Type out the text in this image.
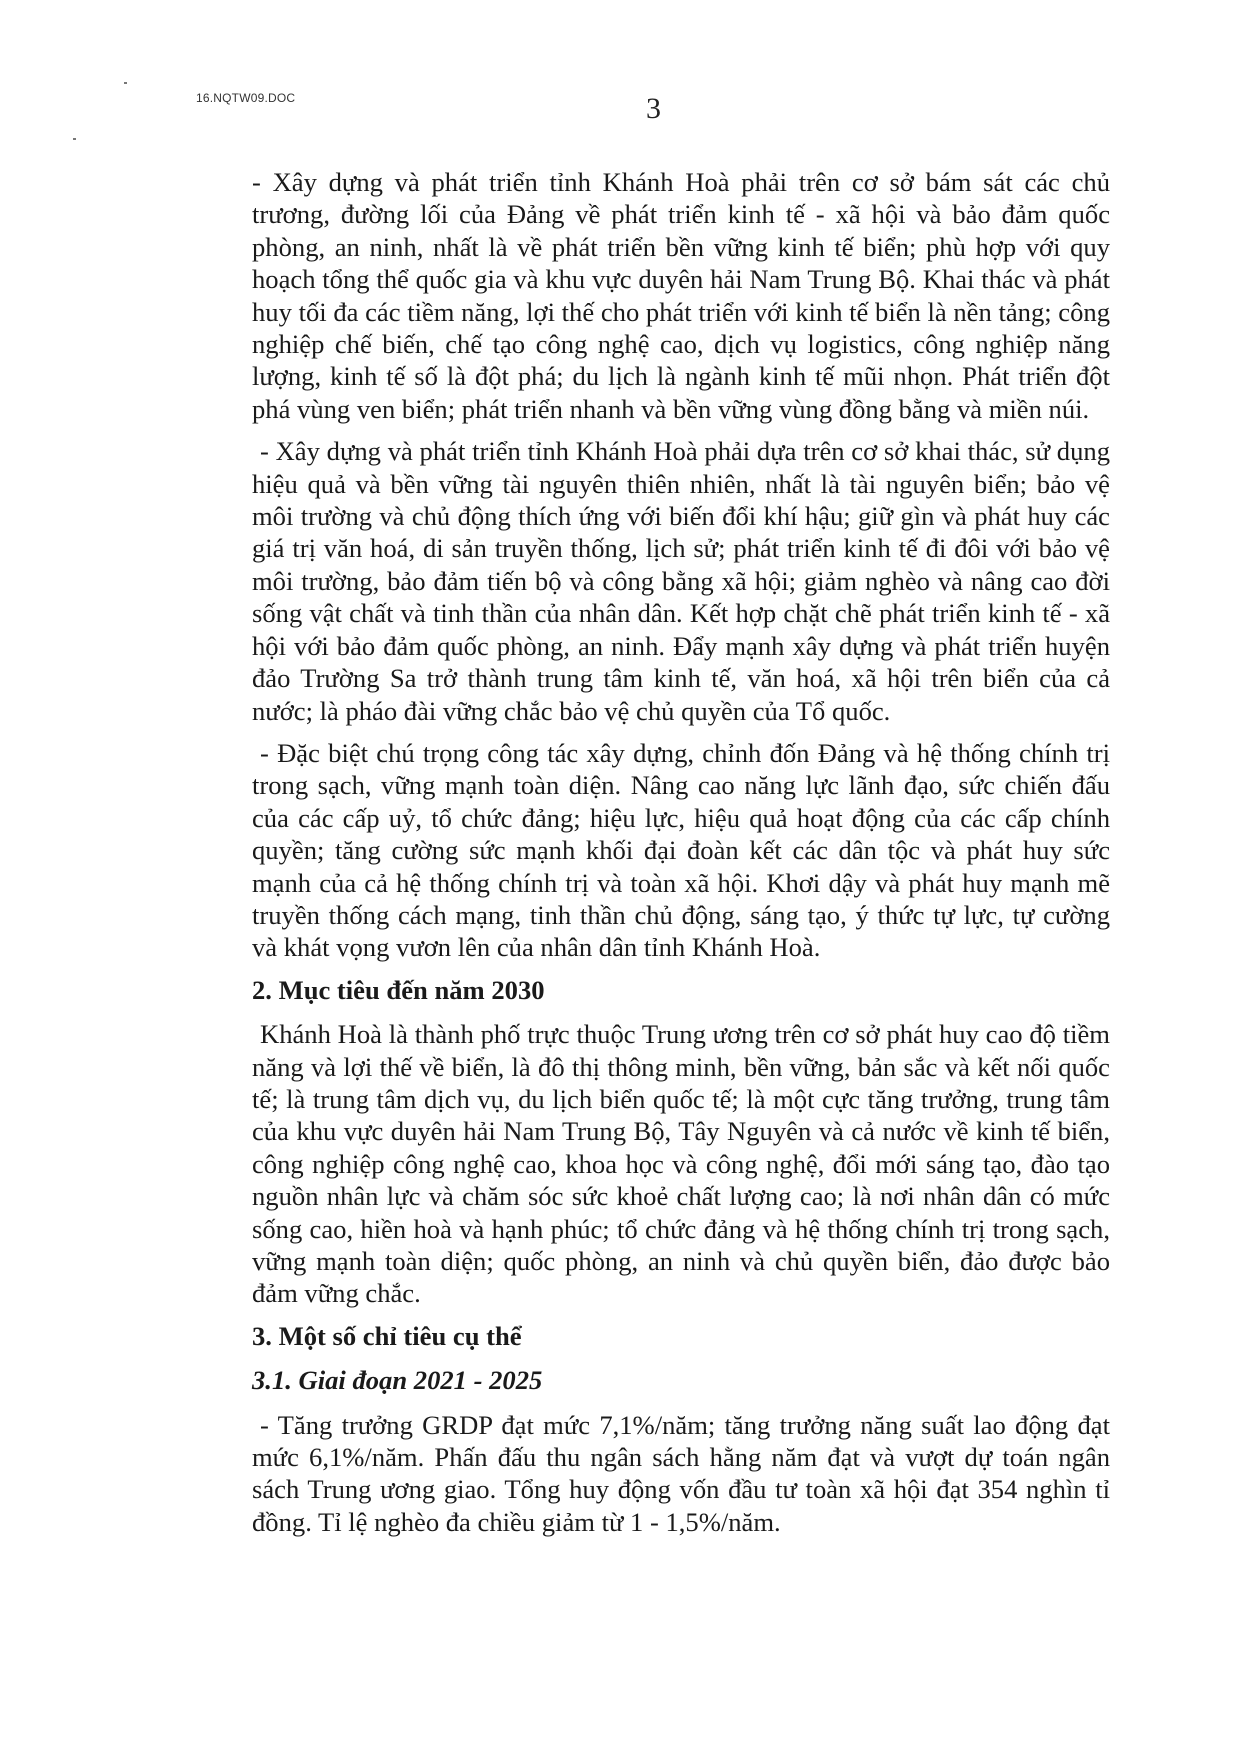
16.NQTW09.DOC	3

- Xây dựng và phát triển tỉnh Khánh Hoà phải trên cơ sở bám sát các chủ trương, đường lối của Đảng về phát triển kinh tế - xã hội và bảo đảm quốc phòng, an ninh, nhất là về phát triển bền vững kinh tế biển; phù hợp với quy hoạch tổng thể quốc gia và khu vực duyên hải Nam Trung Bộ. Khai thác và phát huy tối đa các tiềm năng, lợi thế cho phát triển với kinh tế biển là nền tảng; công nghiệp chế biến, chế tạo công nghệ cao, dịch vụ logistics, công nghiệp năng lượng, kinh tế số là đột phá; du lịch là ngành kinh tế mũi nhọn. Phát triển đột phá vùng ven biển; phát triển nhanh và bền vững vùng đồng bằng và miền núi.

- Xây dựng và phát triển tỉnh Khánh Hoà phải dựa trên cơ sở khai thác, sử dụng hiệu quả và bền vững tài nguyên thiên nhiên, nhất là tài nguyên biển; bảo vệ môi trường và chủ động thích ứng với biến đổi khí hậu; giữ gìn và phát huy các giá trị văn hoá, di sản truyền thống, lịch sử; phát triển kinh tế đi đôi với bảo vệ môi trường, bảo đảm tiến bộ và công bằng xã hội; giảm nghèo và nâng cao đời sống vật chất và tinh thần của nhân dân. Kết hợp chặt chẽ phát triển kinh tế - xã hội với bảo đảm quốc phòng, an ninh. Đẩy mạnh xây dựng và phát triển huyện đảo Trường Sa trở thành trung tâm kinh tế, văn hoá, xã hội trên biển của cả nước; là pháo đài vững chắc bảo vệ chủ quyền của Tổ quốc.

- Đặc biệt chú trọng công tác xây dựng, chỉnh đốn Đảng và hệ thống chính trị trong sạch, vững mạnh toàn diện. Nâng cao năng lực lãnh đạo, sức chiến đấu của các cấp uỷ, tổ chức đảng; hiệu lực, hiệu quả hoạt động của các cấp chính quyền; tăng cường sức mạnh khối đại đoàn kết các dân tộc và phát huy sức mạnh của cả hệ thống chính trị và toàn xã hội. Khơi dậy và phát huy mạnh mẽ truyền thống cách mạng, tinh thần chủ động, sáng tạo, ý thức tự lực, tự cường và khát vọng vươn lên của nhân dân tỉnh Khánh Hoà.

2. Mục tiêu đến năm 2030

Khánh Hoà là thành phố trực thuộc Trung ương trên cơ sở phát huy cao độ tiềm năng và lợi thế về biển, là đô thị thông minh, bền vững, bản sắc và kết nối quốc tế; là trung tâm dịch vụ, du lịch biển quốc tế; là một cực tăng trưởng, trung tâm của khu vực duyên hải Nam Trung Bộ, Tây Nguyên và cả nước về kinh tế biển, công nghiệp công nghệ cao, khoa học và công nghệ, đổi mới sáng tạo, đào tạo nguồn nhân lực và chăm sóc sức khoẻ chất lượng cao; là nơi nhân dân có mức sống cao, hiền hoà và hạnh phúc; tổ chức đảng và hệ thống chính trị trong sạch, vững mạnh toàn diện; quốc phòng, an ninh và chủ quyền biển, đảo được bảo đảm vững chắc.

3. Một số chỉ tiêu cụ thể

3.1. Giai đoạn 2021 - 2025

- Tăng trưởng GRDP đạt mức 7,1%/năm; tăng trưởng năng suất lao động đạt mức 6,1%/năm. Phấn đấu thu ngân sách hằng năm đạt và vượt dự toán ngân sách Trung ương giao. Tổng huy động vốn đầu tư toàn xã hội đạt 354 nghìn tỉ đồng. Tỉ lệ nghèo đa chiều giảm từ 1 - 1,5%/năm.
